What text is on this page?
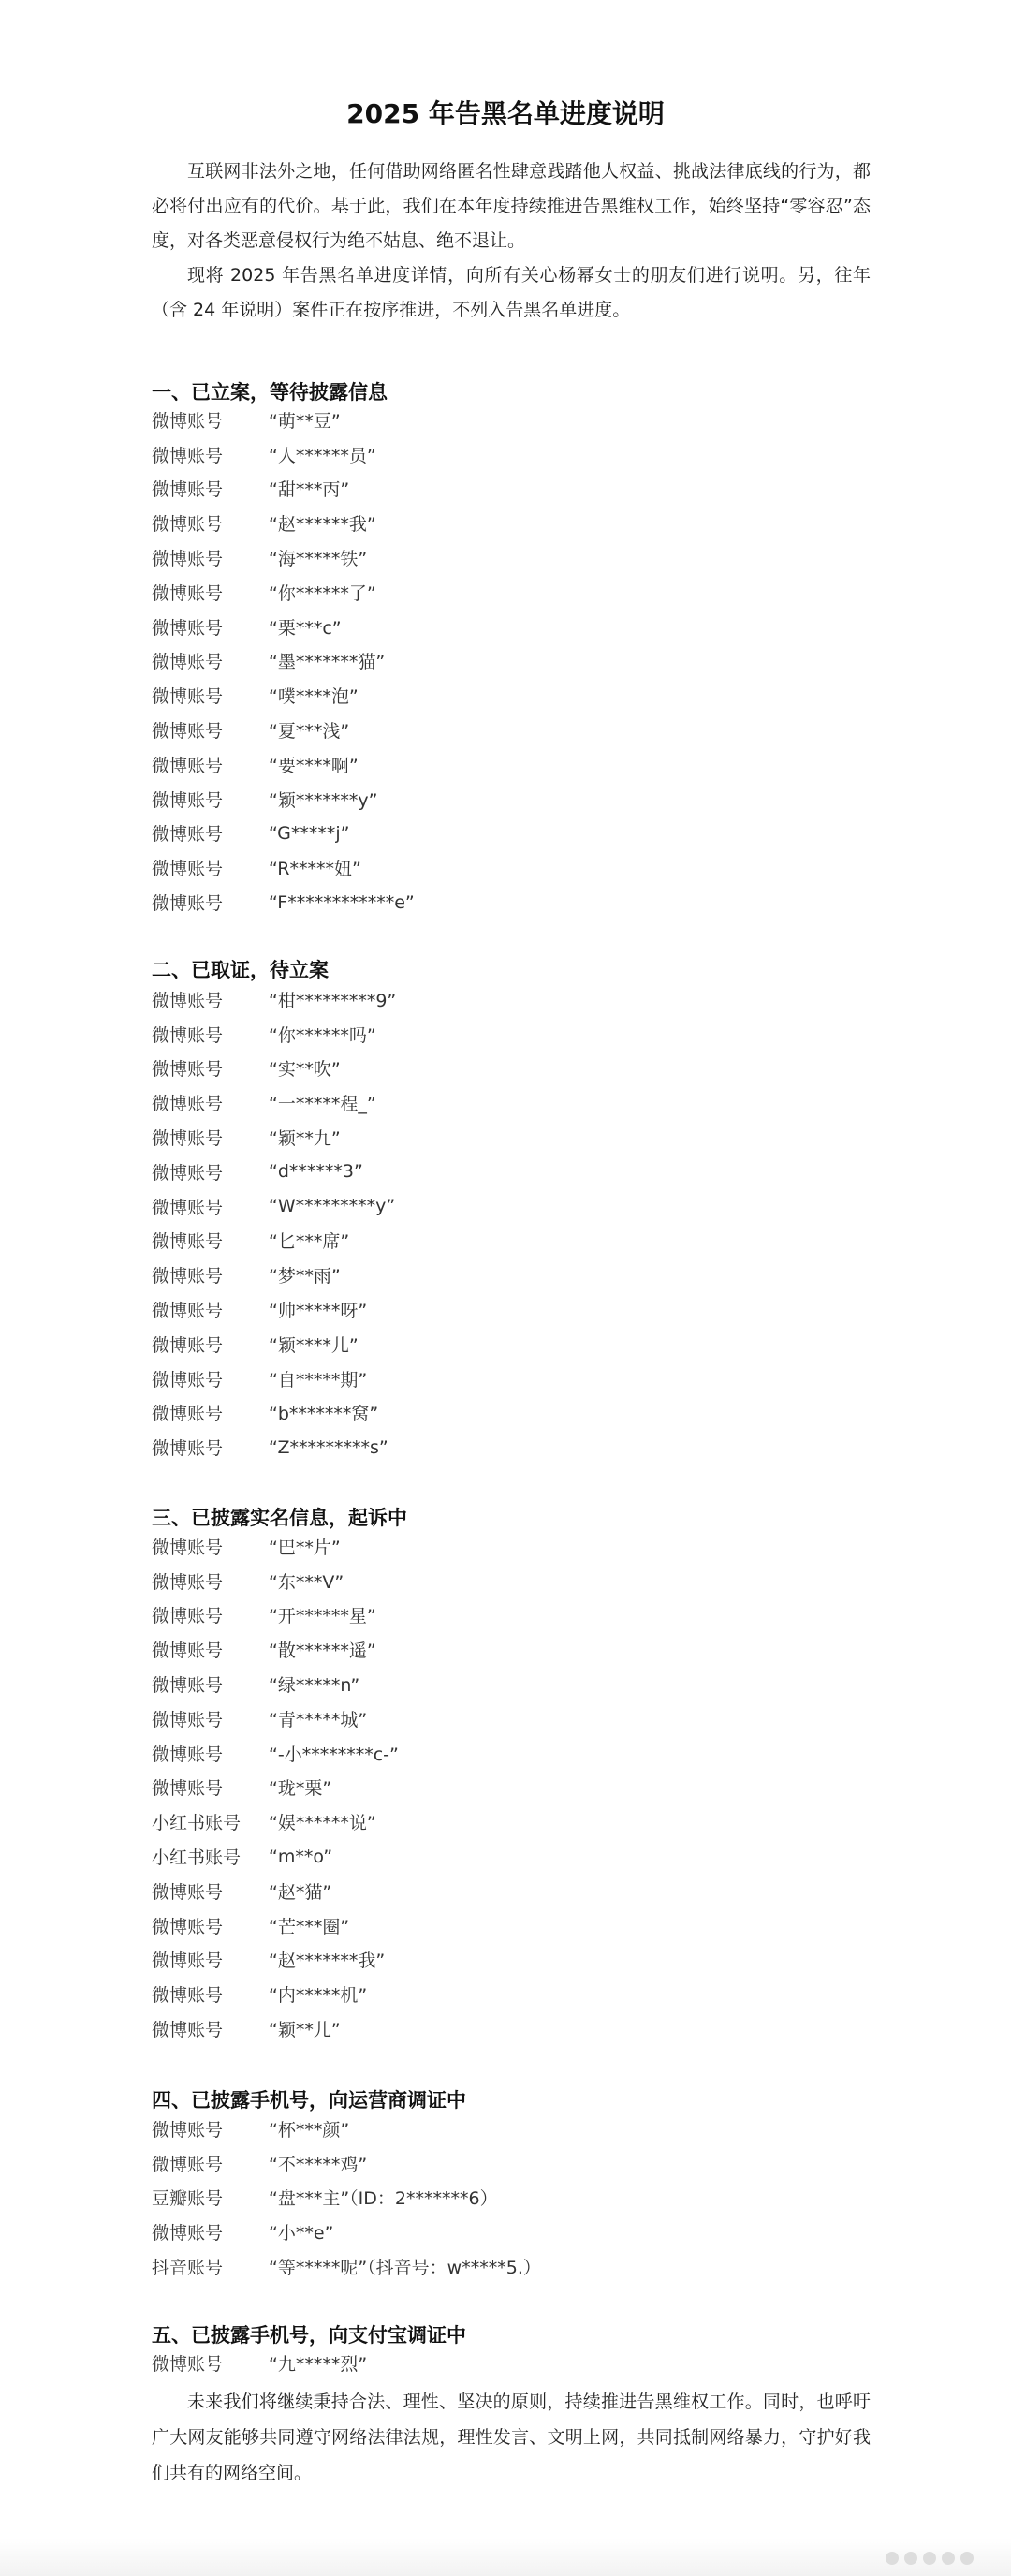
2025 年告黑名单进度说明

互联网非法外之地，任何借助网络匿名性肆意践踏他人权益、挑战法律底线的行为，都必将付出应有的代价。基于此，我们在本年度持续推进告黑维权工作，始终坚持“零容忍”态度，对各类恶意侵权行为绝不姑息、绝不退让。

现将 2025 年告黑名单进度详情，向所有关心杨幂女士的朋友们进行说明。另，往年（含 24 年说明）案件正在按序推进，不列入告黑名单进度。

一、已立案，等待披露信息
微博账号	“萌**豆”
微博账号	“人******员”
微博账号	“甜***丙”
微博账号	“赵******我”
微博账号	“海*****铁”
微博账号	“你******了”
微博账号	“栗***c”
微博账号	“墨*******猫”
微博账号	“噗****泡”
微博账号	“夏***浅”
微博账号	“要****啊”
微博账号	“颖*******y”
微博账号	“G*****j”
微博账号	“R*****妞”
微博账号	“F************e”
二、已取证，待立案
微博账号	“柑*********9”
微博账号	“你******吗”
微博账号	“实**吹”
微博账号	“一*****程_”
微博账号	“颖**九”
微博账号	“d******3”
微博账号	“W*********y”
微博账号	“匕***席”
微博账号	“梦**雨”
微博账号	“帅*****呀”
微博账号	“颖****儿”
微博账号	“自*****期”
微博账号	“b*******窝”
微博账号	“Z*********s”
三、已披露实名信息，起诉中
微博账号	“巴**片”
微博账号	“东***V”
微博账号	“开******星”
微博账号	“散******遥”
微博账号	“绿*****n”
微博账号	“青*****城”
微博账号	“-小********c-”
微博账号	“珑*栗”
小红书账号	“娱******说”
小红书账号	“m**o”
微博账号	“赵*猫”
微博账号	“芒***圈”
微博账号	“赵*******我”
微博账号	“内*****机”
微博账号	“颖**儿”
四、已披露手机号，向运营商调证中
微博账号	“杯***颜”
微博账号	“不*****鸡”
豆瓣账号	“盘***主”（ID：2*******6）
微博账号	“小**e”
抖音账号	“等*****呢”（抖音号：w*****5.）
五、已披露手机号，向支付宝调证中
微博账号	“九*****烈”

未来我们将继续秉持合法、理性、坚决的原则，持续推进告黑维权工作。同时，也呼吁广大网友能够共同遵守网络法律法规，理性发言、文明上网，共同抵制网络暴力，守护好我们共有的网络空间。
